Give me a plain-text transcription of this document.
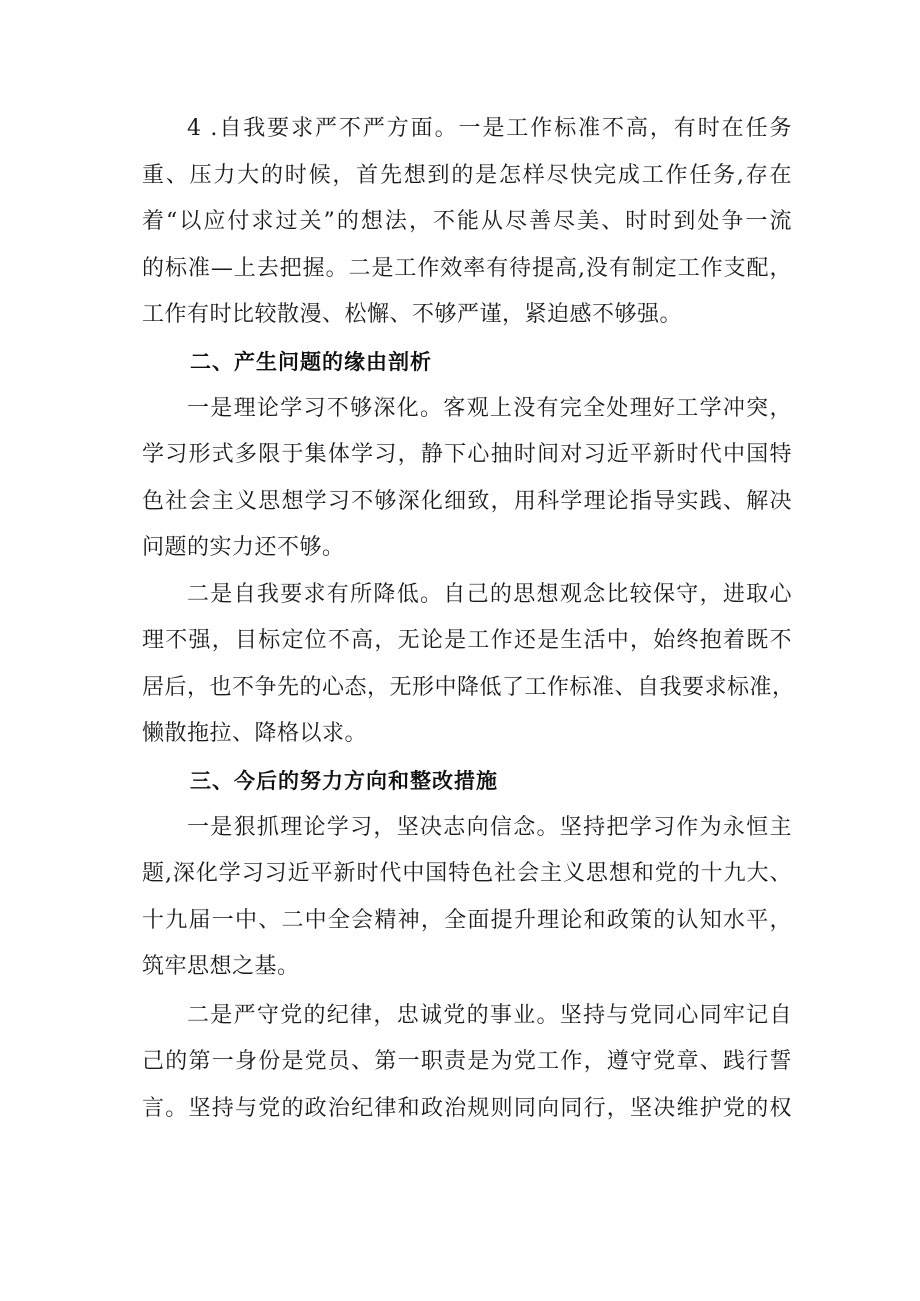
4 .自我要求严不严方面。一是工作标准不高，有时在任务
重、压力大的时候，首先想到的是怎样尽快完成工作任务,存在
着“以应付求过关”的想法，不能从尽善尽美、时时到处争一流
的标准—上去把握。二是工作效率有待提高,没有制定工作支配，
工作有时比较散漫、松懈、不够严谨，紧迫感不够强。
二、产生问题的缘由剖析
一是理论学习不够深化。客观上没有完全处理好工学冲突，
学习形式多限于集体学习，静下心抽时间对习近平新时代中国特
色社会主义思想学习不够深化细致，用科学理论指导实践、解决
问题的实力还不够。
二是自我要求有所降低。自己的思想观念比较保守，进取心
理不强，目标定位不高，无论是工作还是生活中，始终抱着既不
居后，也不争先的心态，无形中降低了工作标准、自我要求标准，
懒散拖拉、降格以求。
三、今后的努力方向和整改措施
一是狠抓理论学习，坚决志向信念。坚持把学习作为永恒主
题,深化学习习近平新时代中国特色社会主义思想和党的十九大、
十九届一中、二中全会精神，全面提升理论和政策的认知水平，
筑牢思想之基。
二是严守党的纪律，忠诚党的事业。坚持与党同心同牢记自
己的第一身份是党员、第一职责是为党工作，遵守党章、践行誓
言。坚持与党的政治纪律和政治规则同向同行，坚决维护党的权
